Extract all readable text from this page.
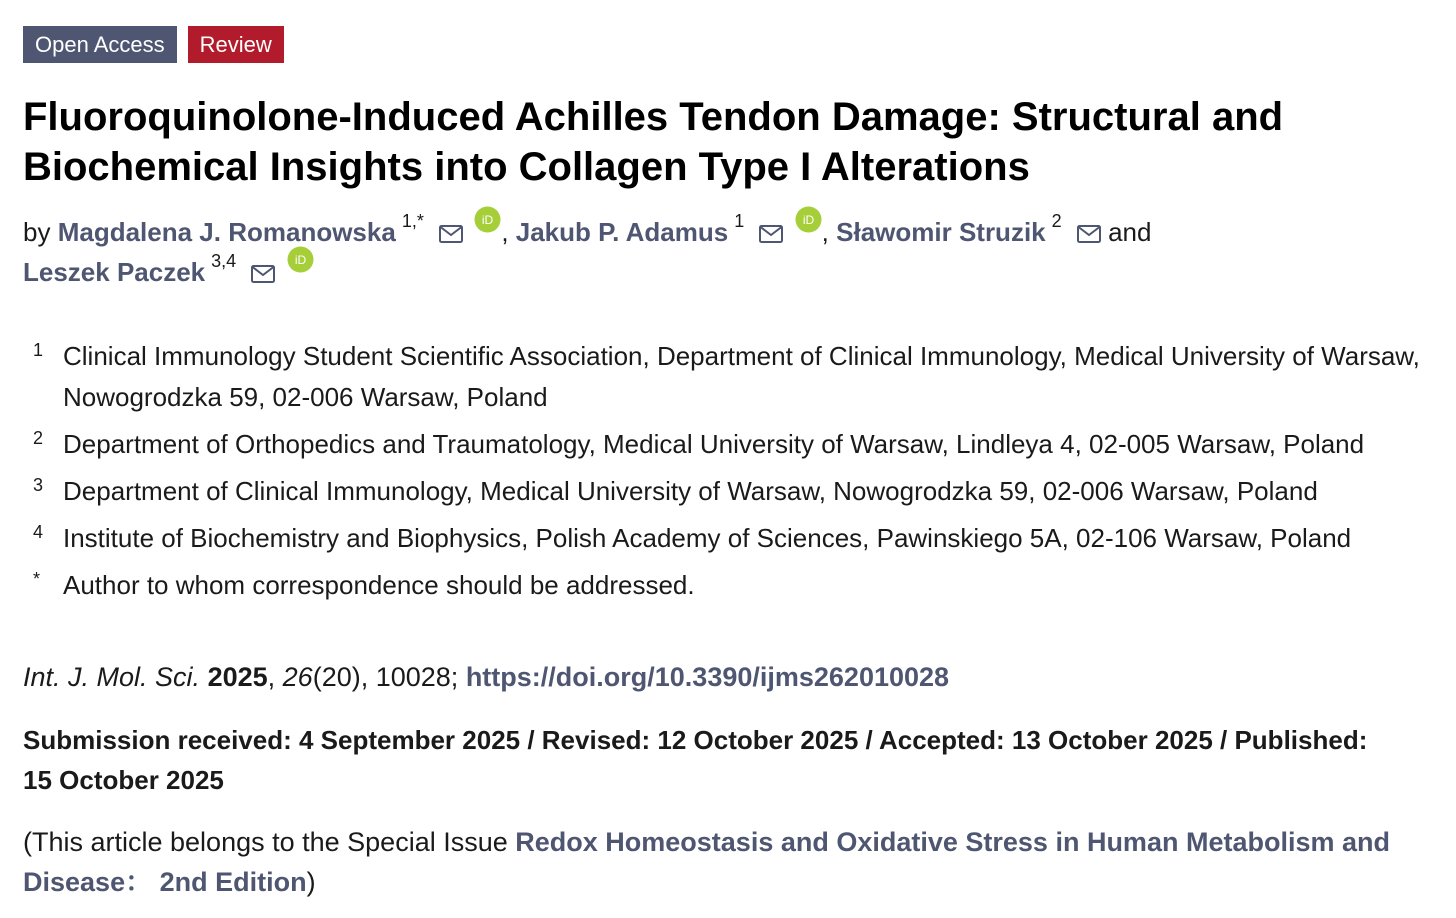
Open Access	Review
Fluoroquinolone-Induced Achilles Tendon Damage: Structural and Biochemical Insights into Collagen Type I Alterations
by Magdalena J. Romanowska $^{1,*}$	iD , Jakub P. Adamus $^1$	iD , Sławomir Struzik $^2$  and
Leszek Paczek $^{3,4}$	iD
1 Clinical Immunology Student Scientific Association, Department of Clinical Immunology, Medical University of Warsaw, Nowogrodzka 59, 02-006 Warsaw, Poland
2 Department of Orthopedics and Traumatology, Medical University of Warsaw, Lindleya 4, 02-005 Warsaw, Poland
3 Department of Clinical Immunology, Medical University of Warsaw, Nowogrodzka 59, 02-006 Warsaw, Poland
4 Institute of Biochemistry and Biophysics, Polish Academy of Sciences, Pawinskiego 5A, 02-106 Warsaw, Poland
* Author to whom correspondence should be addressed.
Int. J. Mol. Sci. 2025, 26(20), 10028; https://doi.org/10.3390/ijms262010028
Submission received: 4 September 2025 / Revised: 12 October 2025 / Accepted: 13 October 2025 / Published: 15 October 2025
(This article belongs to the Special Issue Redox Homeostasis and Oxidative Stress in Human Metabolism and Disease： 2nd Edition)
